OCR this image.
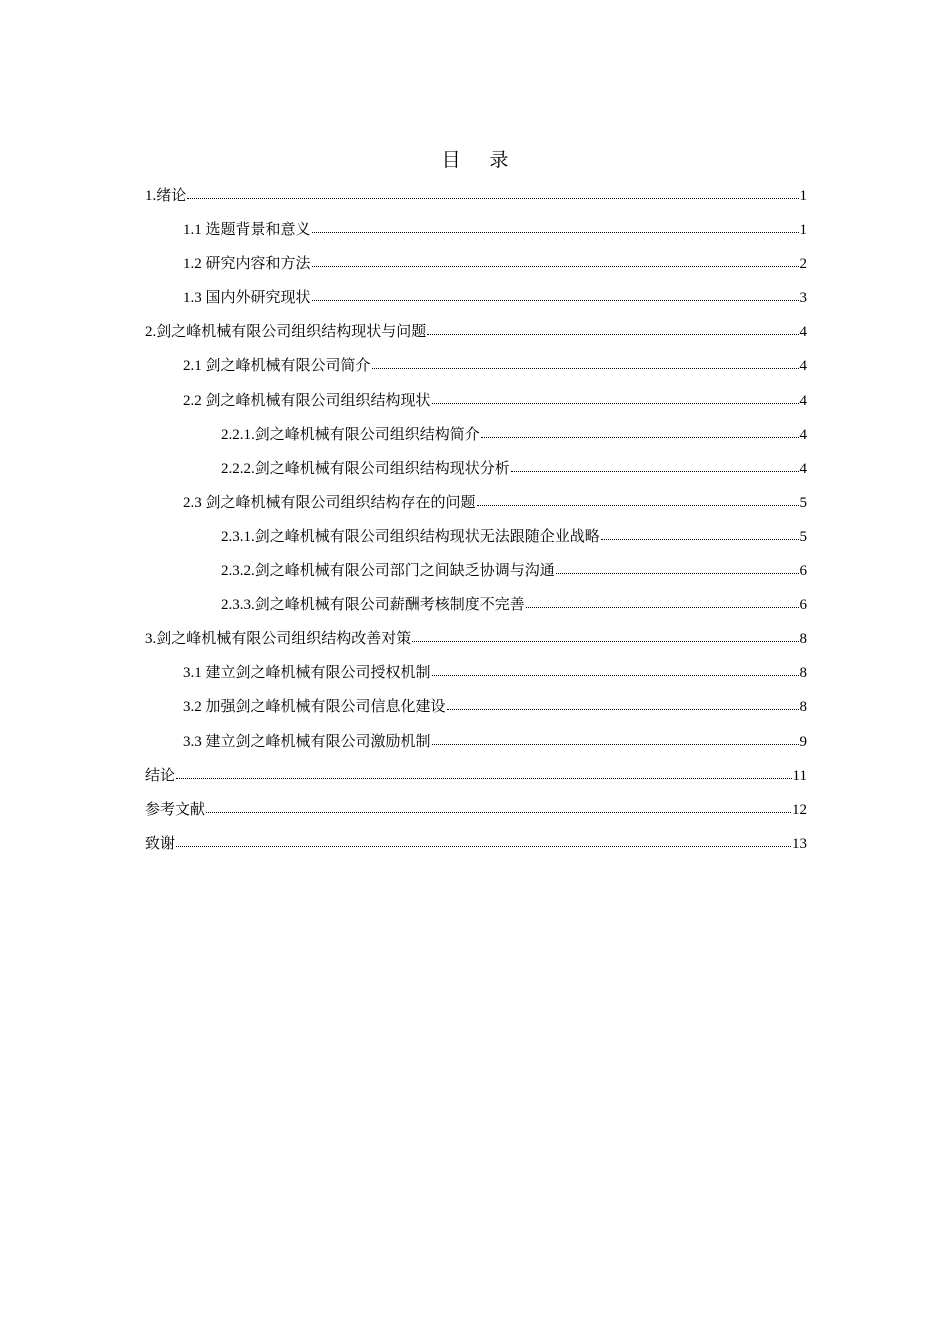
目 录
1.绪论	1
1.1 选题背景和意义	1
1.2 研究内容和方法	2
1.3 国内外研究现状	3
2.剑之峰机械有限公司组织结构现状与问题	4
2.1 剑之峰机械有限公司简介	4
2.2 剑之峰机械有限公司组织结构现状	4
2.2.1.剑之峰机械有限公司组织结构简介	4
2.2.2.剑之峰机械有限公司组织结构现状分析	4
2.3 剑之峰机械有限公司组织结构存在的问题	5
2.3.1.剑之峰机械有限公司组织结构现状无法跟随企业战略	5
2.3.2.剑之峰机械有限公司部门之间缺乏协调与沟通	6
2.3.3.剑之峰机械有限公司薪酬考核制度不完善	6
3.剑之峰机械有限公司组织结构改善对策	8
3.1 建立剑之峰机械有限公司授权机制	8
3.2 加强剑之峰机械有限公司信息化建设	8
3.3 建立剑之峰机械有限公司激励机制	9
结论	11
参考文献	12
致谢	13
